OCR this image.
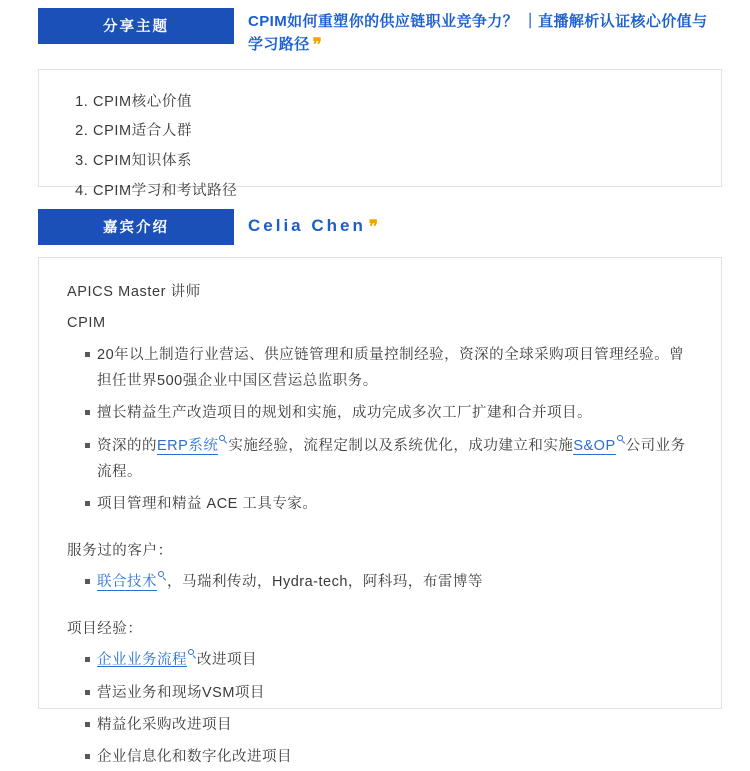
分享主题	CPIM如何重塑你的供应链职业竞争力？ ｜直播解析认证核心价值与学习路径 ❞
1. CPIM核心价值
2. CPIM适合人群
3. CPIM知识体系
4. CPIM学习和考试路径
嘉宾介绍	Celia Chen ❞
APICS Master 讲师
CPIM
20年以上制造行业营运、供应链管理和质量控制经验，资深的全球采购项目管理经验。曾担任世界500强企业中国区营运总监职务。
擅长精益生产改造项目的规划和实施，成功完成多次工厂扩建和合并项目。
资深的的ERP系统 实施经验，流程定制以及系统优化，成功建立和实施S&OP 公司业务流程。
项目管理和精益 ACE 工具专家。
服务过的客户：
联合技术 ，马瑞利传动，Hydra-tech，阿科玛，布雷博等
项目经验：
企业业务流程 改进项目
营运业务和现场VSM项目
精益化采购改进项目
企业信息化和数字化改进项目
